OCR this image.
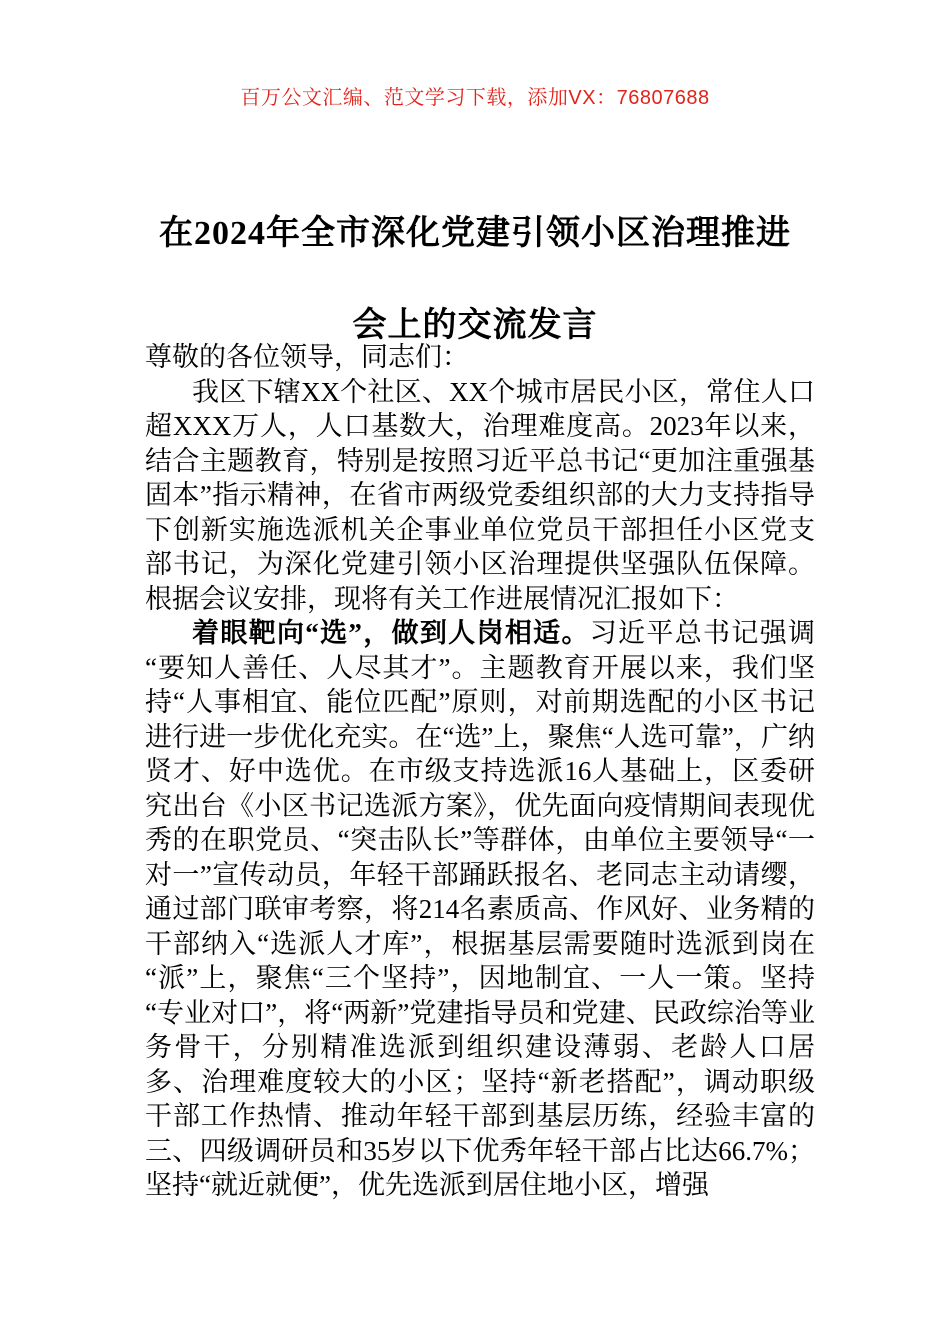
百万公文汇编、范文学习下载，添加VX：76807688
在2024年全市深化党建引领小区治理推进
会上的交流发言

尊敬的各位领导，同志们：

我区下辖XX个社区、XX个城市居民小区，常住人口超XXX万人，人口基数大，治理难度高。2023年以来，结合主题教育，特别是按照习近平总书记“更加注重强基固本”指示精神，在省市两级党委组织部的大力支持指导下创新实施选派机关企事业单位党员干部担任小区党支部书记，为深化党建引领小区治理提供坚强队伍保障。根据会议安排，现将有关工作进展情况汇报如下：

着眼靶向“选”，做到人岗相适。习近平总书记强调“要知人善任、人尽其才”。主题教育开展以来，我们坚持“人事相宜、能位匹配”原则，对前期选配的小区书记进行进一步优化充实。在“选”上，聚焦“人选可靠”，广纳贤才、好中选优。在市级支持选派16人基础上，区委研究出台《小区书记选派方案》，优先面向疫情期间表现优秀的在职党员、“突击队长”等群体，由单位主要领导“一对一”宣传动员，年轻干部踊跃报名、老同志主动请缨，通过部门联审考察，将214名素质高、作风好、业务精的干部纳入“选派人才库”，根据基层需要随时选派到岗在“派”上，聚焦“三个坚持”，因地制宜、一人一策。坚持“专业对口”，将“两新”党建指导员和党建、民政综治等业务骨干，分别精准选派到组织建设薄弱、老龄人口居多、治理难度较大的小区；坚持“新老搭配”，调动职级干部工作热情、推动年轻干部到基层历练，经验丰富的三、四级调研员和35岁以下优秀年轻干部占比达66.7%；坚持“就近就便”，优先选派到居住地小区，增强
